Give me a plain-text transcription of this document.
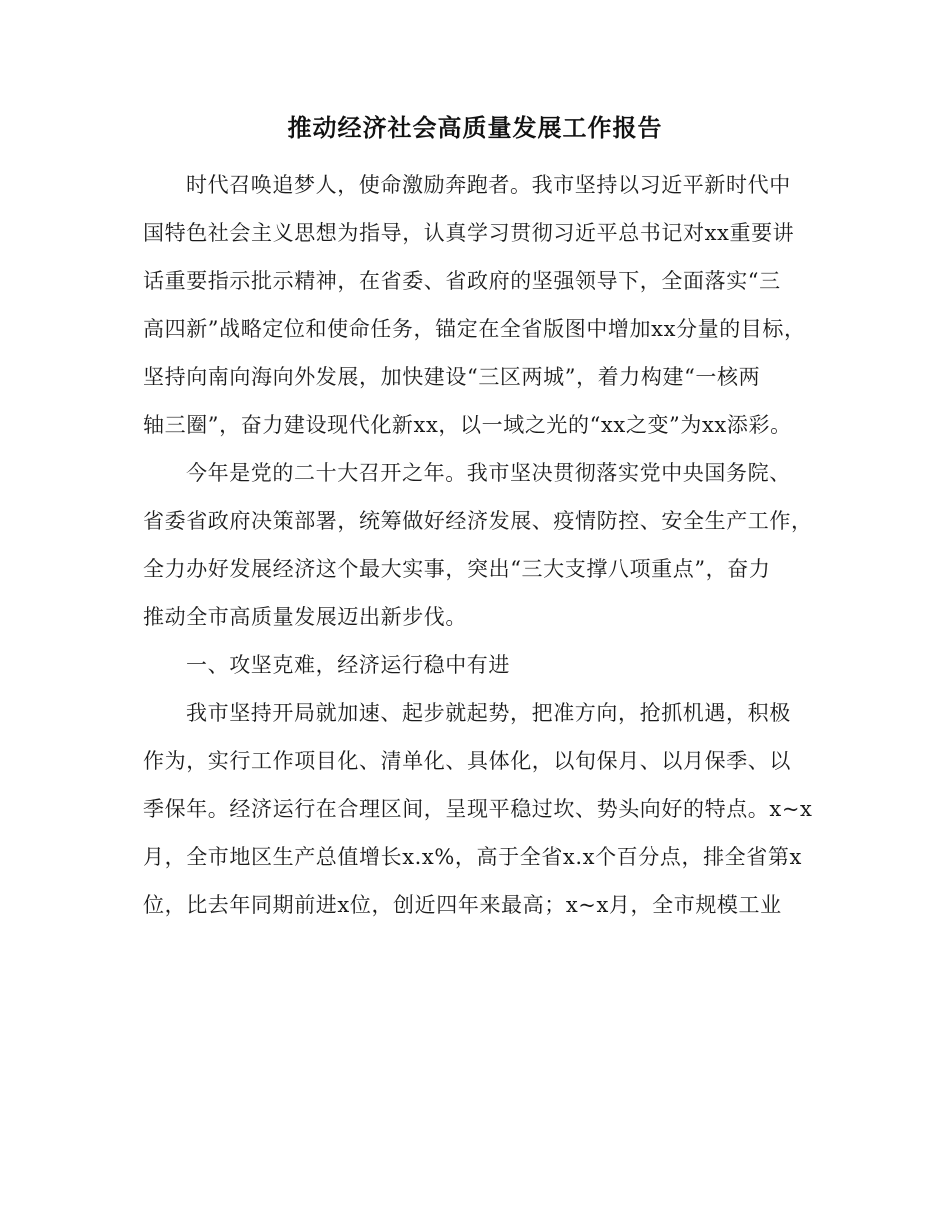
推动经济社会高质量发展工作报告
时代召唤追梦人，使命激励奔跑者。我市坚持以习近平新时代中
国特色社会主义思想为指导，认真学习贯彻习近平总书记对xx重要讲
话重要指示批示精神，在省委、省政府的坚强领导下，全面落实“三
高四新”战略定位和使命任务，锚定在全省版图中增加xx分量的目标，
坚持向南向海向外发展，加快建设“三区两城”，着力构建“一核两
轴三圈”，奋力建设现代化新xx，以一域之光的“xx之变”为xx添彩。
今年是党的二十大召开之年。我市坚决贯彻落实党中央国务院、
省委省政府决策部署，统筹做好经济发展、疫情防控、安全生产工作，
全力办好发展经济这个最大实事，突出“三大支撑八项重点”，奋力
推动全市高质量发展迈出新步伐。
一、攻坚克难，经济运行稳中有进
我市坚持开局就加速、起步就起势，把准方向，抢抓机遇，积极
作为，实行工作项目化、清单化、具体化，以旬保月、以月保季、以
季保年。经济运行在合理区间，呈现平稳过坎、势头向好的特点。x~x
月，全市地区生产总值增长x.x%，高于全省x.x个百分点，排全省第x
位，比去年同期前进x位，创近四年来最高；x~x月，全市规模工业
